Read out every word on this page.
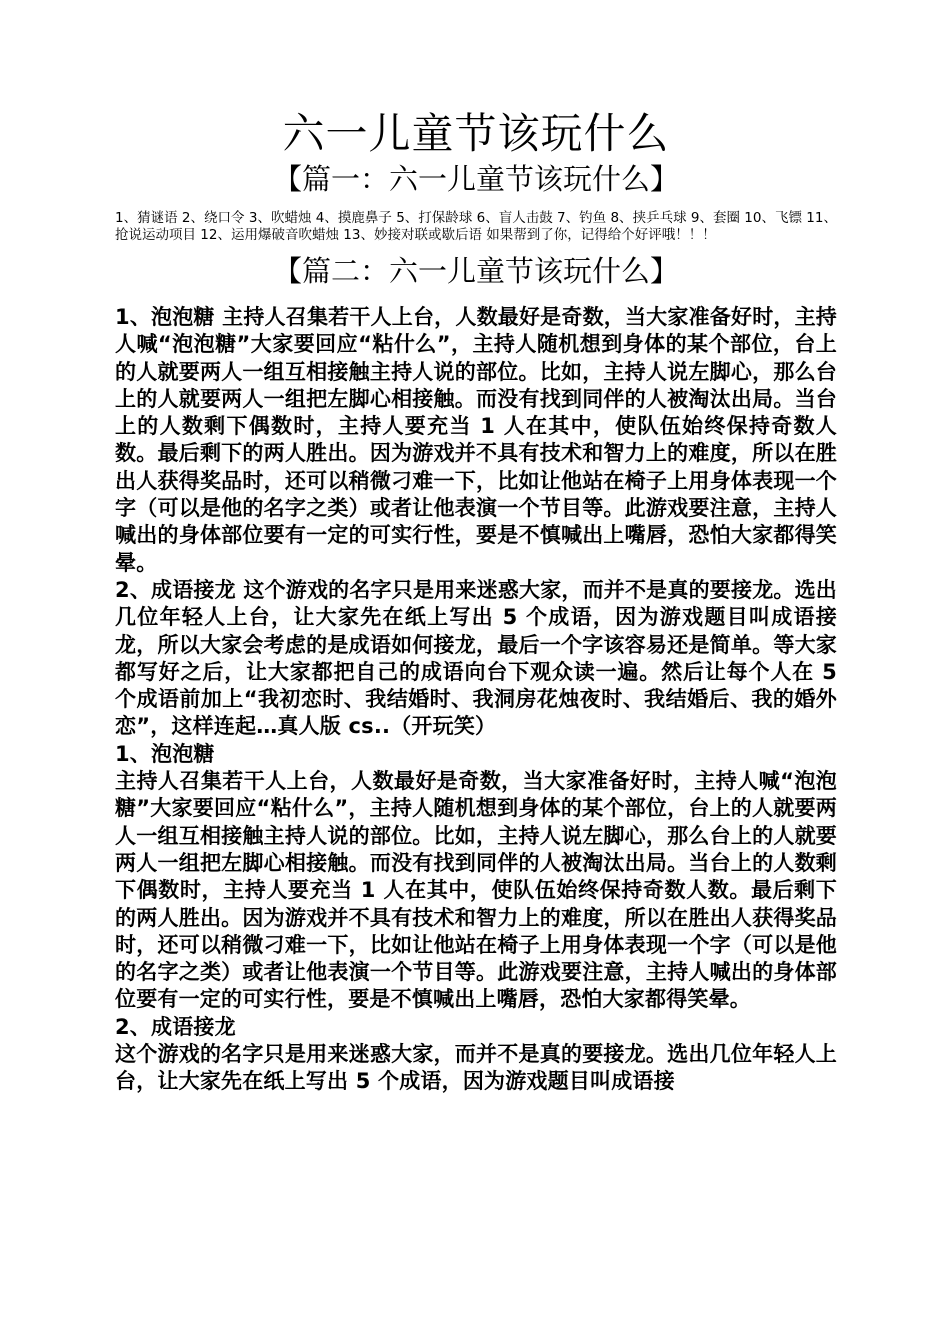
六一儿童节该玩什么
【篇一：六一儿童节该玩什么】

1、猜谜语 2、绕口令 3、吹蜡烛 4、摸鹿鼻子 5、打保龄球 6、盲人击鼓 7、钓鱼 8、挟乒乓球 9、套圈 10、飞镖 11、抢说运动项目 12、运用爆破音吹蜡烛 13、妙接对联或歇后语 如果帮到了你，记得给个好评哦！！！

【篇二：六一儿童节该玩什么】

1、泡泡糖 主持人召集若干人上台，人数最好是奇数，当大家准备好时，主持人喊“泡泡糖”大家要回应“粘什么”，主持人随机想到身体的某个部位，台上的人就要两人一组互相接触主持人说的部位。比如，主持人说左脚心，那么台上的人就要两人一组把左脚心相接触。而没有找到同伴的人被淘汰出局。当台上的人数剩下偶数时，主持人要充当 1 人在其中，使队伍始终保持奇数人数。最后剩下的两人胜出。因为游戏并不具有技术和智力上的难度，所以在胜出人获得奖品时，还可以稍微刁难一下，比如让他站在椅子上用身体表现一个字（可以是他的名字之类）或者让他表演一个节目等。此游戏要注意，主持人喊出的身体部位要有一定的可实行性，要是不慎喊出上嘴唇，恐怕大家都得笑晕。

2、成语接龙 这个游戏的名字只是用来迷惑大家，而并不是真的要接龙。选出几位年轻人上台，让大家先在纸上写出 5 个成语，因为游戏题目叫成语接龙，所以大家会考虑的是成语如何接龙，最后一个字该容易还是简单。等大家都写好之后，让大家都把自己的成语向台下观众读一遍。然后让每个人在 5 个成语前加上“我初恋时、我结婚时、我洞房花烛夜时、我结婚后、我的婚外恋”，这样连起…真人版 cs..（开玩笑）

1、泡泡糖

主持人召集若干人上台，人数最好是奇数，当大家准备好时，主持人喊“泡泡糖”大家要回应“粘什么”，主持人随机想到身体的某个部位，台上的人就要两人一组互相接触主持人说的部位。比如，主持人说左脚心，那么台上的人就要两人一组把左脚心相接触。而没有找到同伴的人被淘汰出局。当台上的人数剩下偶数时，主持人要充当 1 人在其中，使队伍始终保持奇数人数。最后剩下的两人胜出。因为游戏并不具有技术和智力上的难度，所以在胜出人获得奖品时，还可以稍微刁难一下，比如让他站在椅子上用身体表现一个字（可以是他的名字之类）或者让他表演一个节目等。此游戏要注意，主持人喊出的身体部位要有一定的可实行性，要是不慎喊出上嘴唇，恐怕大家都得笑晕。

2、成语接龙

这个游戏的名字只是用来迷惑大家，而并不是真的要接龙。选出几位年轻人上台，让大家先在纸上写出 5 个成语，因为游戏题目叫成语接
